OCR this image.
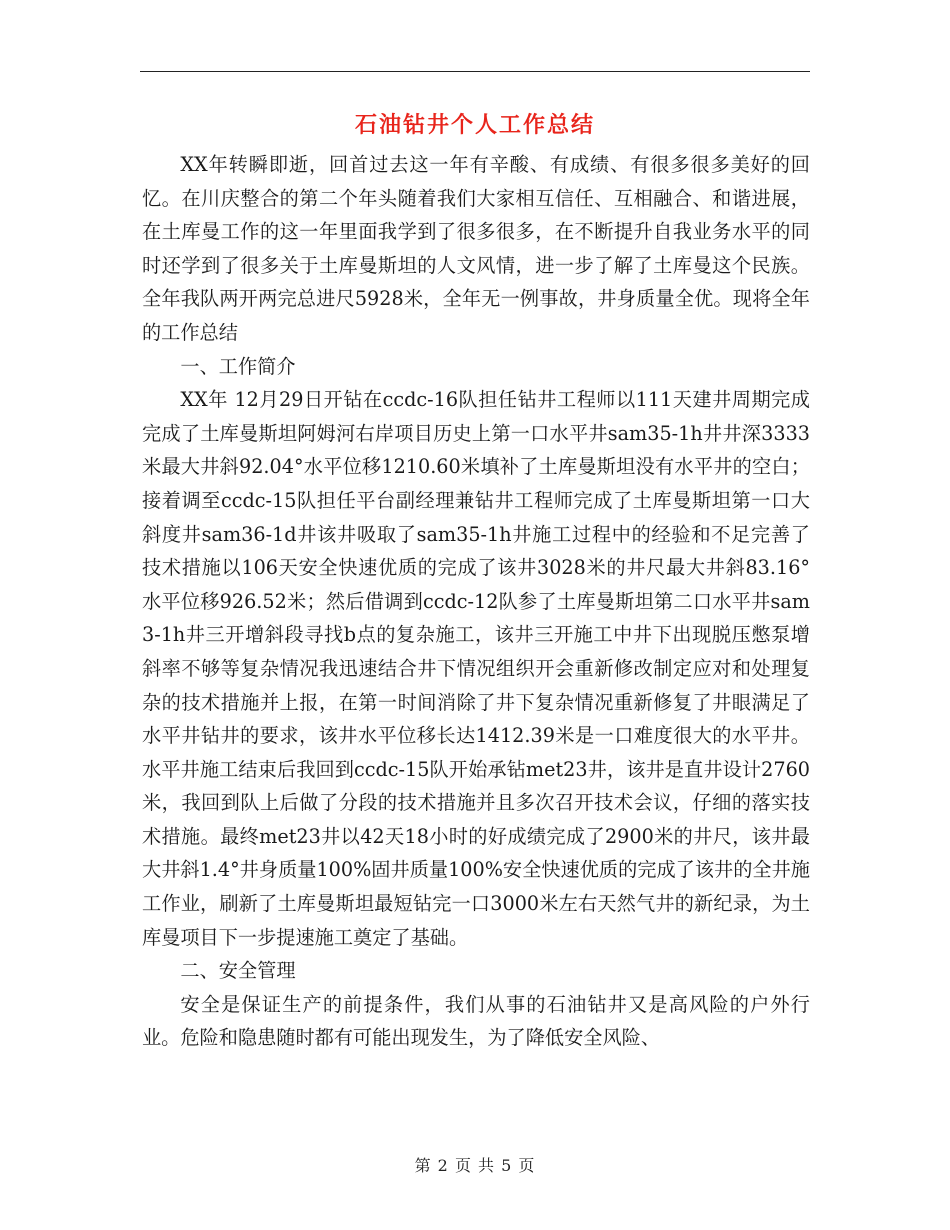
石油钻井个人工作总结

XX年转瞬即逝，回首过去这一年有辛酸、有成绩、有很多很多美好的回忆。在川庆整合的第二个年头随着我们大家相互信任、互相融合、和谐进展，在土库曼工作的这一年里面我学到了很多很多，在不断提升自我业务水平的同时还学到了很多关于土库曼斯坦的人文风情，进一步了解了土库曼这个民族。全年我队两开两完总进尺5928米，全年无一例事故，井身质量全优。现将全年的工作总结

一、工作简介

XX年 12月29日开钻在ccdc-16队担任钻井工程师以111天建井周期完成完成了土库曼斯坦阿姆河右岸项目历史上第一口水平井sam35-1h井井深3333米最大井斜92.04°水平位移1210.60米填补了土库曼斯坦没有水平井的空白；接着调至ccdc-15队担任平台副经理兼钻井工程师完成了土库曼斯坦第一口大斜度井sam36-1d井该井吸取了sam35-1h井施工过程中的经验和不足完善了技术措施以106天安全快速优质的完成了该井3028米的井尺最大井斜83.16°水平位移926.52米；然后借调到ccdc-12队参了土库曼斯坦第二口水平井sam3-1h井三开增斜段寻找b点的复杂施工，该井三开施工中井下出现脱压憋泵增斜率不够等复杂情况我迅速结合井下情况组织开会重新修改制定应对和处理复杂的技术措施并上报，在第一时间消除了井下复杂情况重新修复了井眼满足了水平井钻井的要求，该井水平位移长达1412.39米是一口难度很大的水平井。水平井施工结束后我回到ccdc-15队开始承钻met23井，该井是直井设计2760米，我回到队上后做了分段的技术措施并且多次召开技术会议，仔细的落实技术措施。最终met23井以42天18小时的好成绩完成了2900米的井尺，该井最大井斜1.4°井身质量100%固井质量100%安全快速优质的完成了该井的全井施工作业，刷新了土库曼斯坦最短钻完一口3000米左右天然气井的新纪录，为土库曼项目下一步提速施工奠定了基础。

二、安全管理

安全是保证生产的前提条件，我们从事的石油钻井又是高风险的户外行业。危险和隐患随时都有可能出现发生，为了降低安全风险、

第 2 页 共 5 页
